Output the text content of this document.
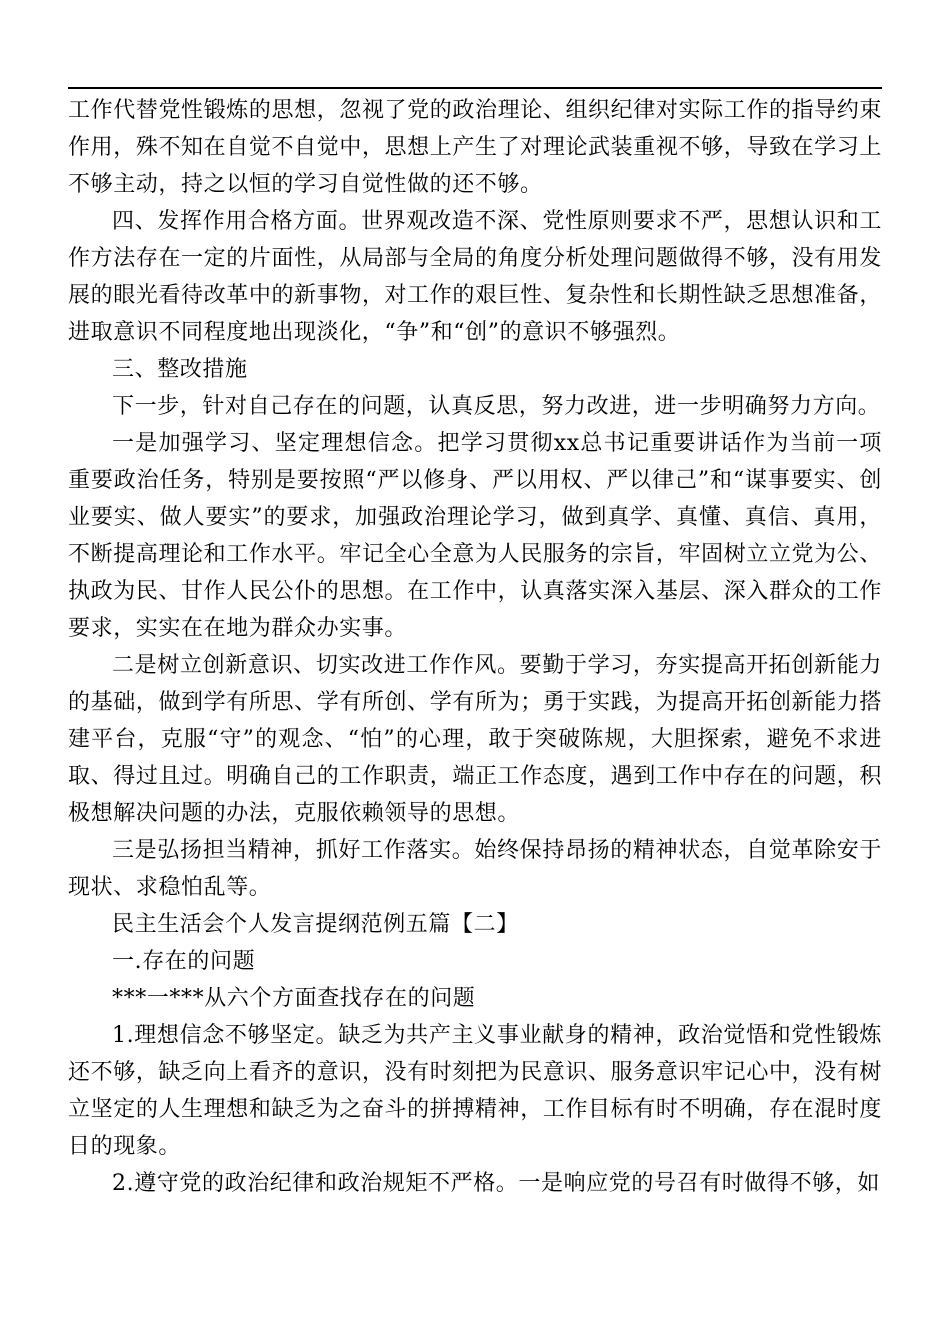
工作代替党性锻炼的思想，忽视了党的政治理论、组织纪律对实际工作的指导约束作用，殊不知在自觉不自觉中，思想上产生了对理论武装重视不够，导致在学习上不够主动，持之以恒的学习自觉性做的还不够。

四、发挥作用合格方面。世界观改造不深、党性原则要求不严，思想认识和工作方法存在一定的片面性，从局部与全局的角度分析处理问题做得不够，没有用发展的眼光看待改革中的新事物，对工作的艰巨性、复杂性和长期性缺乏思想准备，进取意识不同程度地出现淡化，“争”和“创”的意识不够强烈。

三、整改措施

下一步，针对自己存在的问题，认真反思，努力改进，进一步明确努力方向。

一是加强学习、坚定理想信念。把学习贯彻xx总书记重要讲话作为当前一项重要政治任务，特别是要按照“严以修身、严以用权、严以律己”和“谋事要实、创业要实、做人要实”的要求，加强政治理论学习，做到真学、真懂、真信、真用，不断提高理论和工作水平。牢记全心全意为人民服务的宗旨，牢固树立立党为公、执政为民、甘作人民公仆的思想。在工作中，认真落实深入基层、深入群众的工作要求，实实在在地为群众办实事。

二是树立创新意识、切实改进工作作风。要勤于学习，夯实提高开拓创新能力的基础，做到学有所思、学有所创、学有所为；勇于实践，为提高开拓创新能力搭建平台，克服“守”的观念、“怕”的心理，敢于突破陈规，大胆探索，避免不求进取、得过且过。明确自己的工作职责，端正工作态度，遇到工作中存在的问题，积极想解决问题的办法，克服依赖领导的思想。

三是弘扬担当精神，抓好工作落实。始终保持昂扬的精神状态，自觉革除安于现状、求稳怕乱等。

民主生活会个人发言提纲范例五篇【二】

一.存在的问题

***一***从六个方面查找存在的问题

1.理想信念不够坚定。缺乏为共产主义事业献身的精神，政治觉悟和党性锻炼还不够，缺乏向上看齐的意识，没有时刻把为民意识、服务意识牢记心中，没有树立坚定的人生理想和缺乏为之奋斗的拼搏精神，工作目标有时不明确，存在混时度日的现象。

2.遵守党的政治纪律和政治规矩不严格。一是响应党的号召有时做得不够，如
